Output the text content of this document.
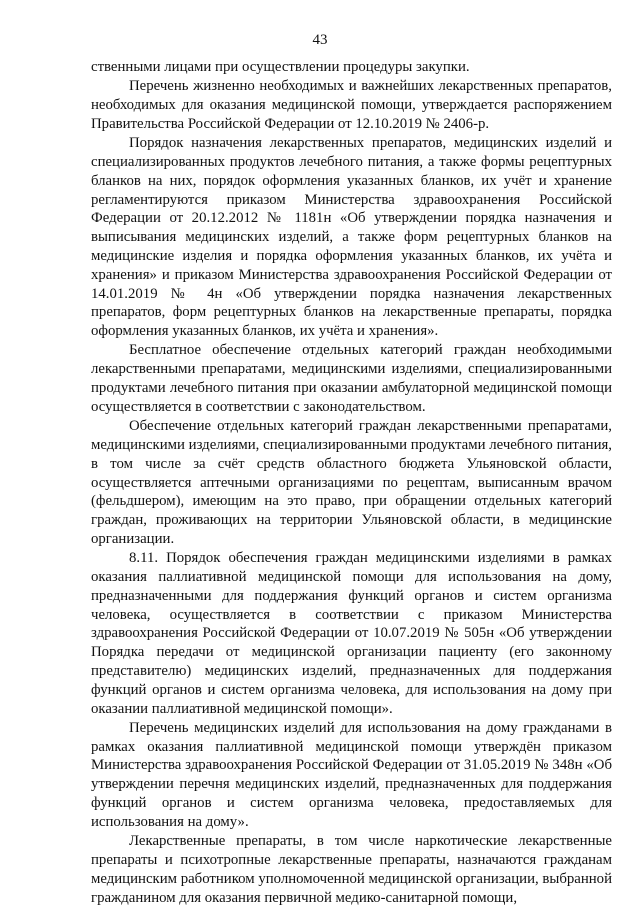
43

ственными лицами при осуществлении процедуры закупки.

Перечень жизненно необходимых и важнейших лекарственных препаратов, необходимых для оказания медицинской помощи, утверждается распоряжением Правительства Российской Федерации от 12.10.2019 № 2406-р.

Порядок назначения лекарственных препаратов, медицинских изделий и специализированных продуктов лечебного питания, а также формы рецептурных бланков на них, порядок оформления указанных бланков, их учёт и хранение регламентируются приказом Министерства здравоохранения Российской Федерации от 20.12.2012 № 1181н «Об утверждении порядка назначения и выписывания медицинских изделий, а также форм рецептурных бланков на медицинские изделия и порядка оформления указанных бланков, их учёта и хранения» и приказом Министерства здравоохранения Российской Федерации от 14.01.2019 № 4н «Об утверждении порядка назначения лекарственных препаратов, форм рецептурных бланков на лекарственные препараты, порядка оформления указанных бланков, их учёта и хранения».

Бесплатное обеспечение отдельных категорий граждан необходимыми лекарственными препаратами, медицинскими изделиями, специализированными продуктами лечебного питания при оказании амбулаторной медицинской помощи осуществляется в соответствии с законодательством.

Обеспечение отдельных категорий граждан лекарственными препаратами, медицинскими изделиями, специализированными продуктами лечебного питания, в том числе за счёт средств областного бюджета Ульяновской области, осуществляется аптечными организациями по рецептам, выписанным врачом (фельдшером), имеющим на это право, при обращении отдельных категорий граждан, проживающих на территории Ульяновской области, в медицинские организации.

8.11. Порядок обеспечения граждан медицинскими изделиями в рамках оказания паллиативной медицинской помощи для использования на дому, предназначенными для поддержания функций органов и систем организма человека, осуществляется в соответствии с приказом Министерства здравоохранения Российской Федерации от 10.07.2019 № 505н «Об утверждении Порядка передачи от медицинской организации пациенту (его законному представителю) медицинских изделий, предназначенных для поддержания функций органов и систем организма человека, для использования на дому при оказании паллиативной медицинской помощи».

Перечень медицинских изделий для использования на дому гражданами в рамках оказания паллиативной медицинской помощи утверждён приказом Министерства здравоохранения Российской Федерации от 31.05.2019 № 348н «Об утверждении перечня медицинских изделий, предназначенных для поддержания функций органов и систем организма человека, предоставляемых для использования на дому».

Лекарственные препараты, в том числе наркотические лекарственные препараты и психотропные лекарственные препараты, назначаются гражданам медицинским работником уполномоченной медицинской организации, выбранной гражданином для оказания первичной медико-санитарной помощи,
